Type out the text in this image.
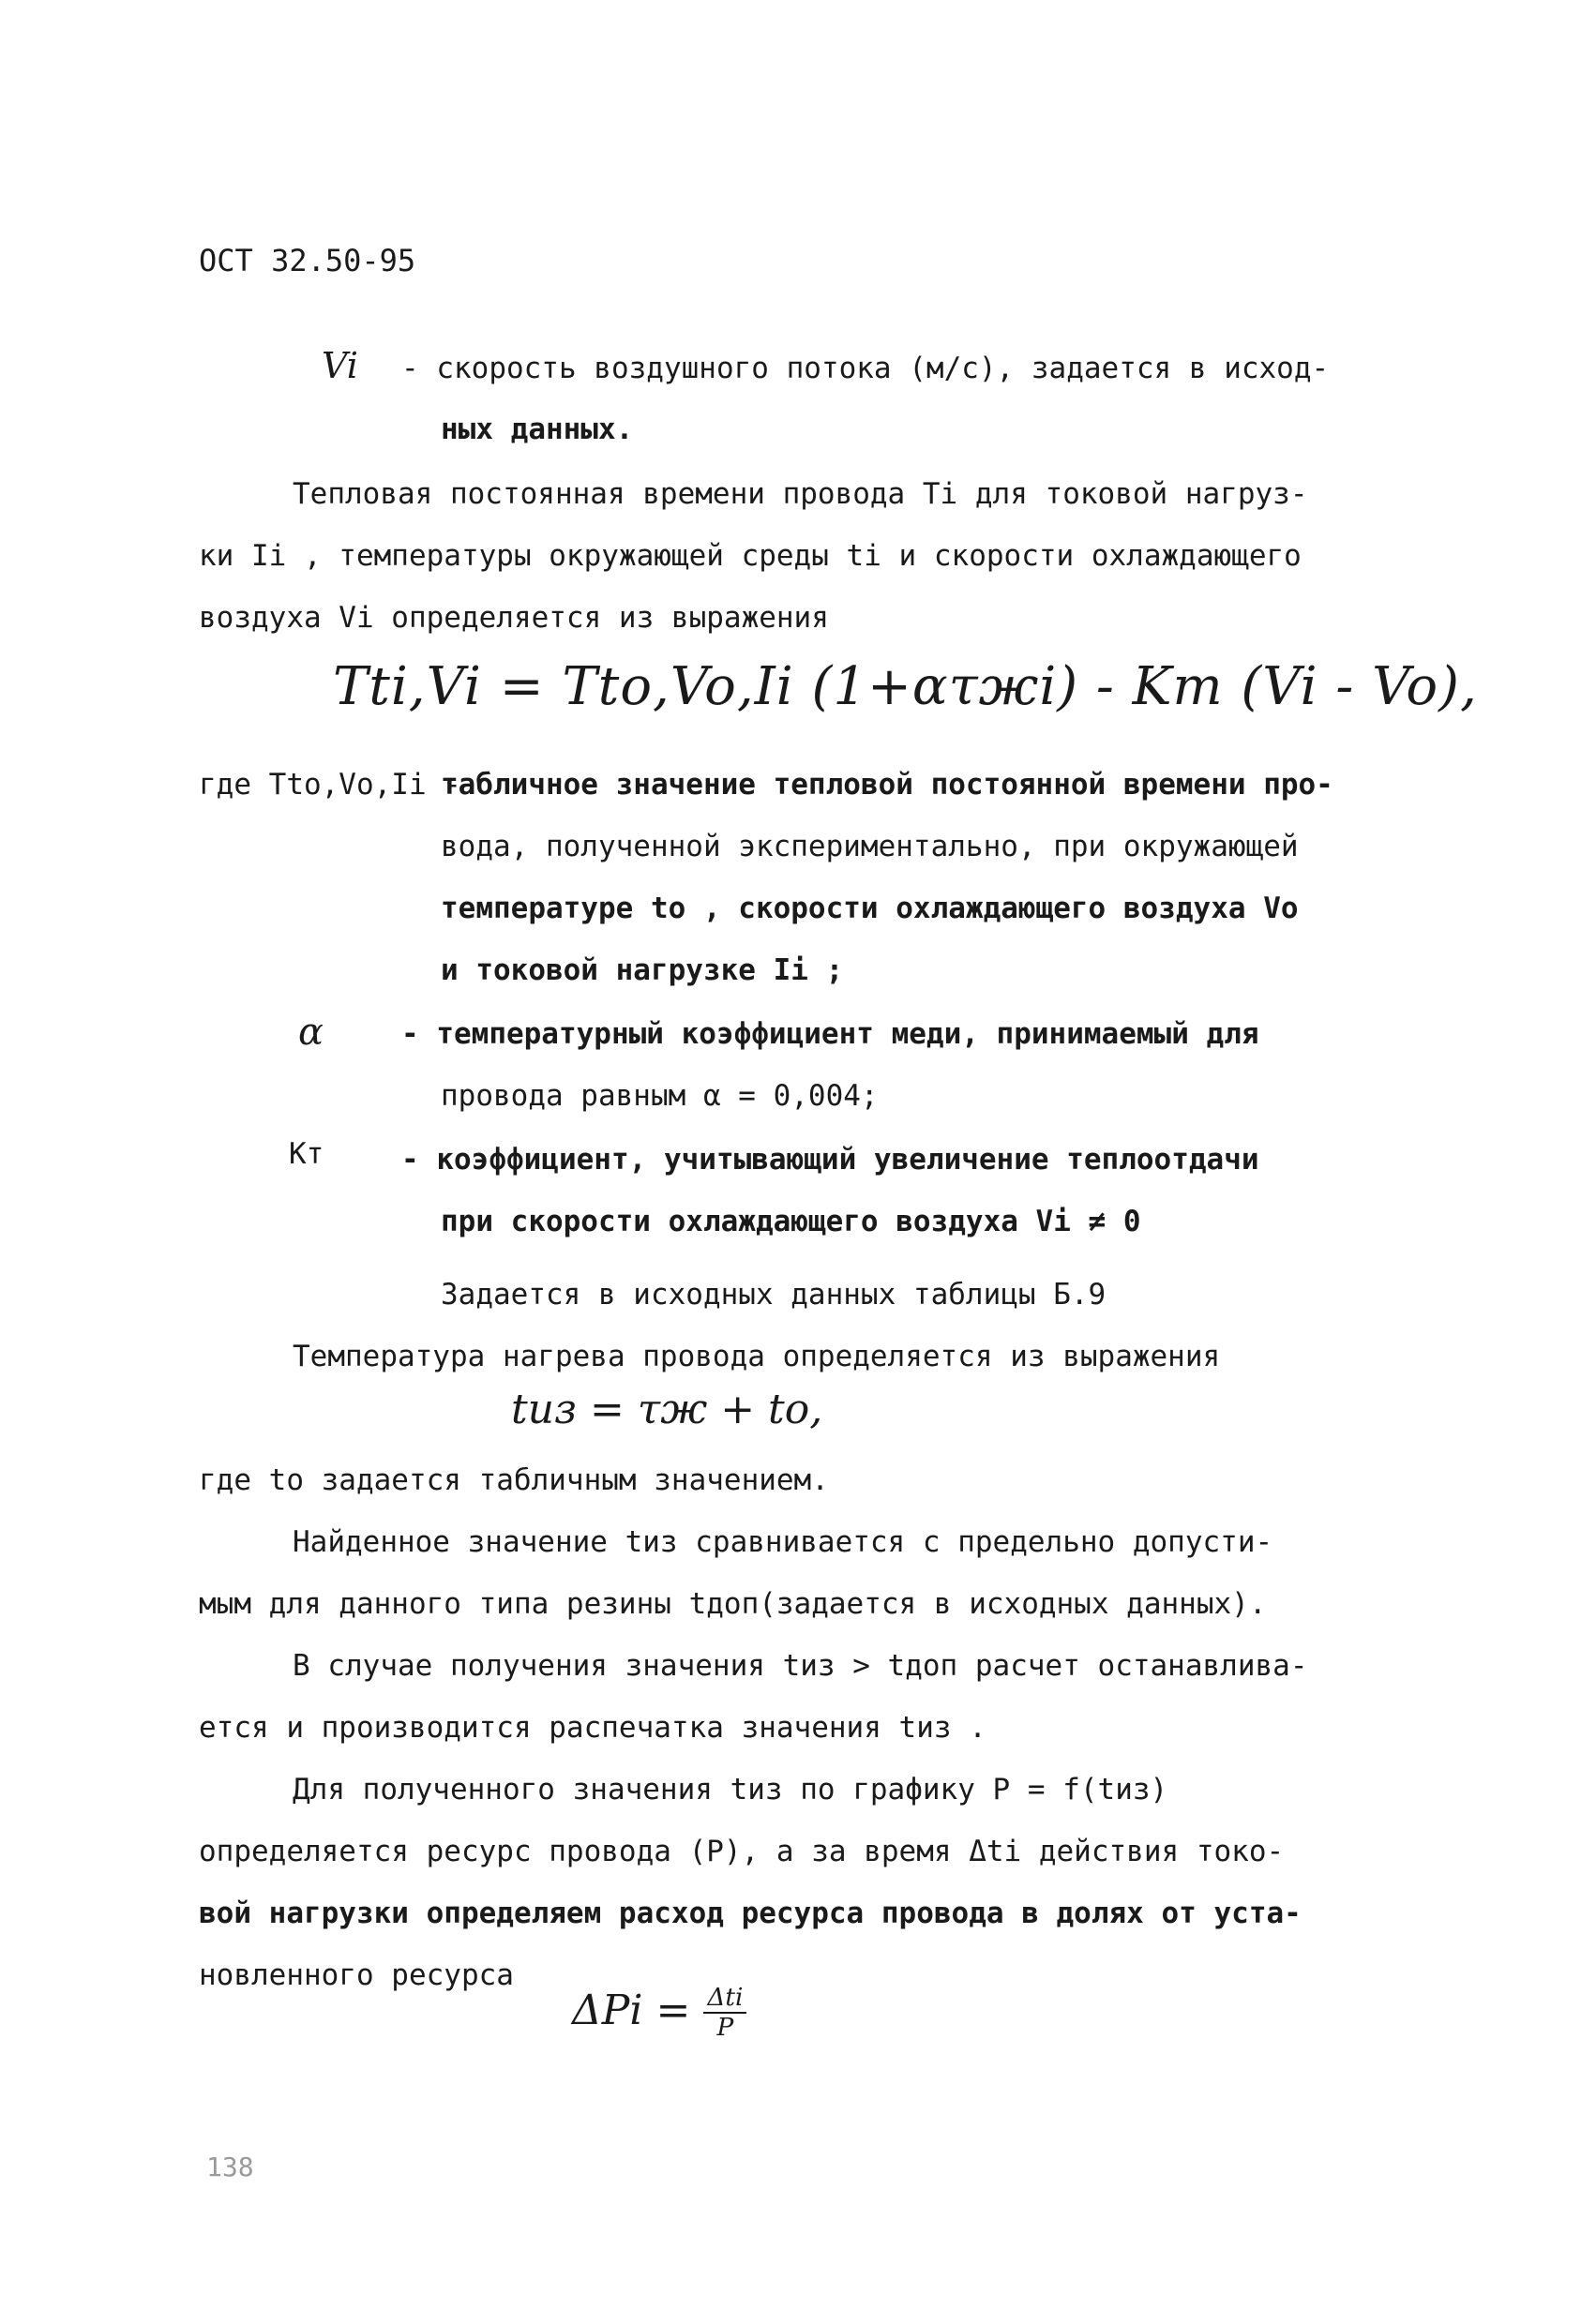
ОСТ 32.50-95
Vi - скорость воздушного потока (м/с), задается в исход-
ных данных.
Тепловая постоянная времени провода Ti для токовой нагруз-
ки Ii , температуры окружающей среды ti и скорости охлаждающего
воздуха Vi определяется из выражения
Tti,Vi = Tto,Vo,Ii (1+ατжi) - Kт (Vi - Vo),
где Tto,Vo,Ii -
табличное значение тепловой постоянной времени про-
вода, полученной экспериментально, при окружающей
температуре to , скорости охлаждающего воздуха Vo
и токовой нагрузке Ii ;
α	- температурный коэффициент меди, принимаемый для
провода равным α = 0,004;
Kт	- коэффициент, учитывающий увеличение теплоотдачи
при скорости охлаждающего воздуха Vi ≠ 0
Задается в исходных данных таблицы Б.9
Температура нагрева провода определяется из выражения
tиз = τж + tо,
где to задается табличным значением.
Найденное значение tиз сравнивается с предельно допусти-
мым для данного типа резины tдоп(задается в исходных данных).
В случае получения значения tиз > tдоп расчет останавлива-
ется и производится распечатка значения tиз .
Для полученного значения tиз по графику P = f(tиз)
определяется ресурс провода (P), а за время Δti действия токо-
вой нагрузки определяем расход ресурса провода в долях от уста-
новленного ресурса
$\Delta Pi = \frac{\text{Δti}}{P}$
138
